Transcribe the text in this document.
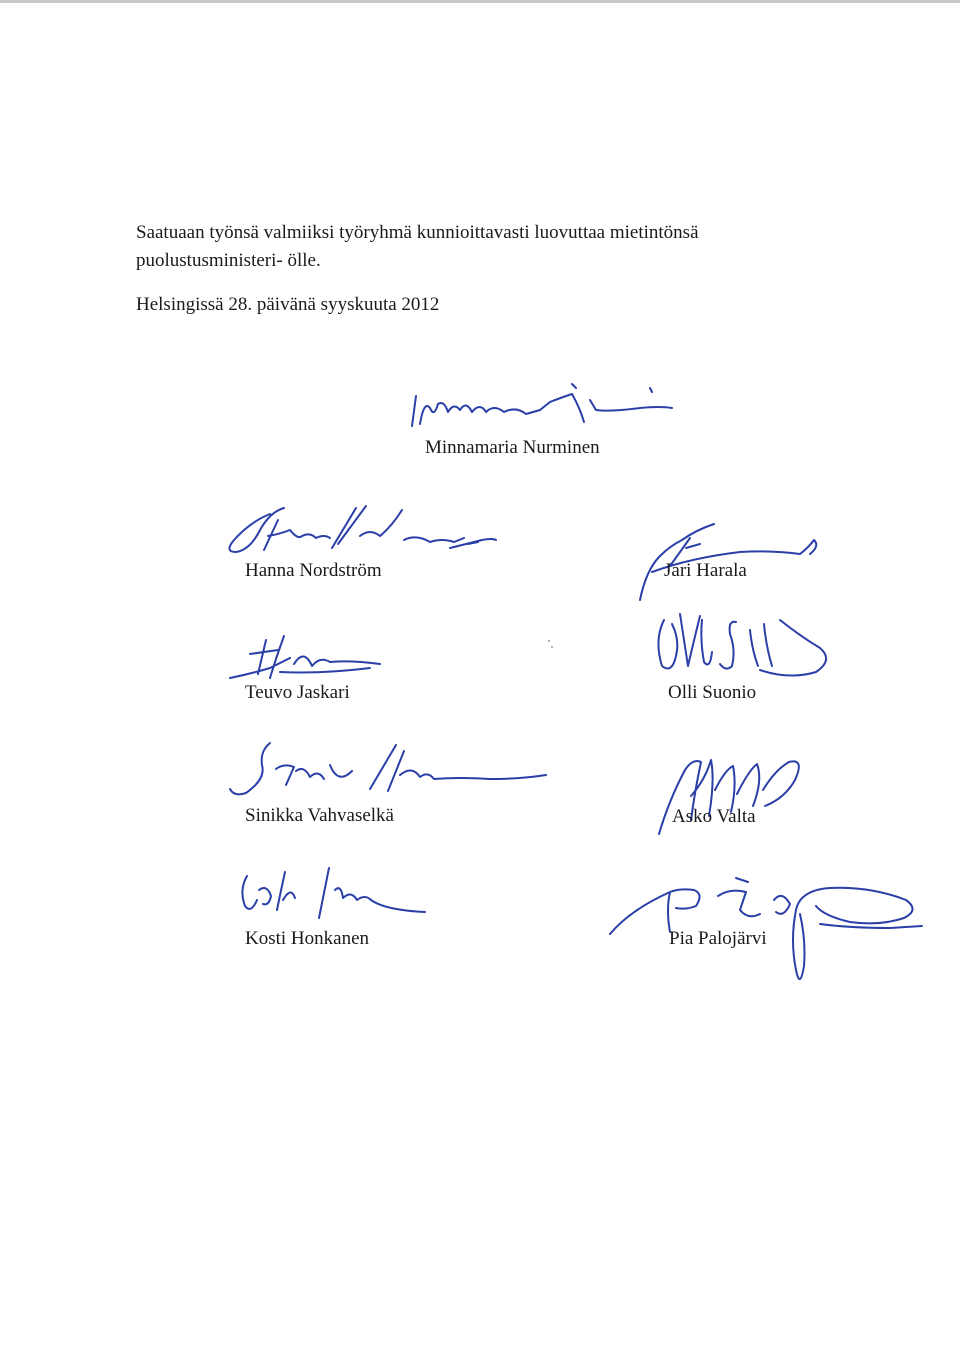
Saatuaan työnsä valmiiksi työryhmä kunnioittavasti luovuttaa mietintönsä puolustusministeri- ölle.

Helsingissä 28. päivänä syyskuuta 2012

Minnamaria Nurminen
Hanna Nordström	Jari Harala
Teuvo Jaskari	Olli Suonio
Sinikka Vahvaselkä	Asko Valta
Kosti Honkanen	Pia Palojärvi
